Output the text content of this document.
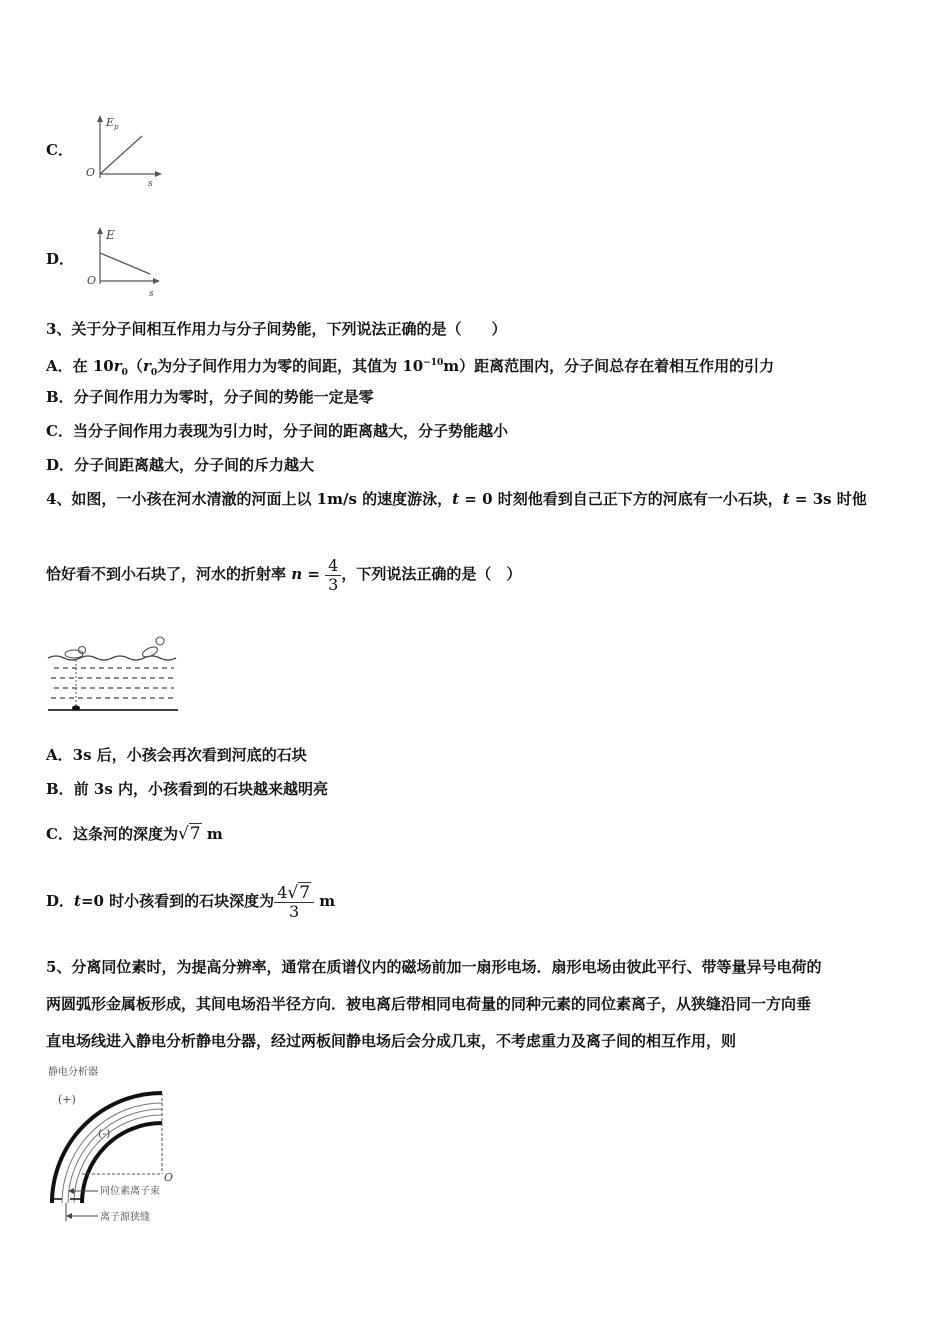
C．
$E_p$
O
s
D．
E
O
s
3、关于分子间相互作用力与分子间势能，下列说法正确的是（　　）
A．在 $10r_0(r_0$为分子间作用力为零的间距，其值为 $10^{-10}m$）距离范围内，分子间总存在着相互作用的引力
B．分子间作用力为零时，分子间的势能一定是零
C．当分子间作用力表现为引力时，分子间的距离越大，分子势能越小
D．分子间距离越大，分子间的斥力越大
4、如图，一小孩在河水清澈的河面上以 1m/s 的速度游泳，t = 0 时刻他看到自己正下方的河底有一小石块，t = 3s 时他
恰好看不到小石块了，河水的折射率 $n = \frac{4}{3}$ ，下列说法正确的是（　）
A．3s 后，小孩会再次看到河底的石块
B．前 3s 内，小孩看到的石块越来越明亮
C．这条河的深度为√7 m
D．t=0 时小孩看到的石块深度为 $\frac{4√7}{3}$ m
5、分离同位素时，为提高分辨率，通常在质谱仪内的磁场前加一扇形电场．扇形电场由彼此平行、带等量异号电荷的
两圆弧形金属板形成，其间电场沿半径方向．被电离后带相同电荷量的同种元素的同位素离子，从狭缝沿同一方向垂
直电场线进入静电分析静电分器，经过两板间静电场后会分成几束，不考虑重力及离子间的相互作用，则
静电分析器
(+)
(-)
O
同位素离子束
离子源狭缝
